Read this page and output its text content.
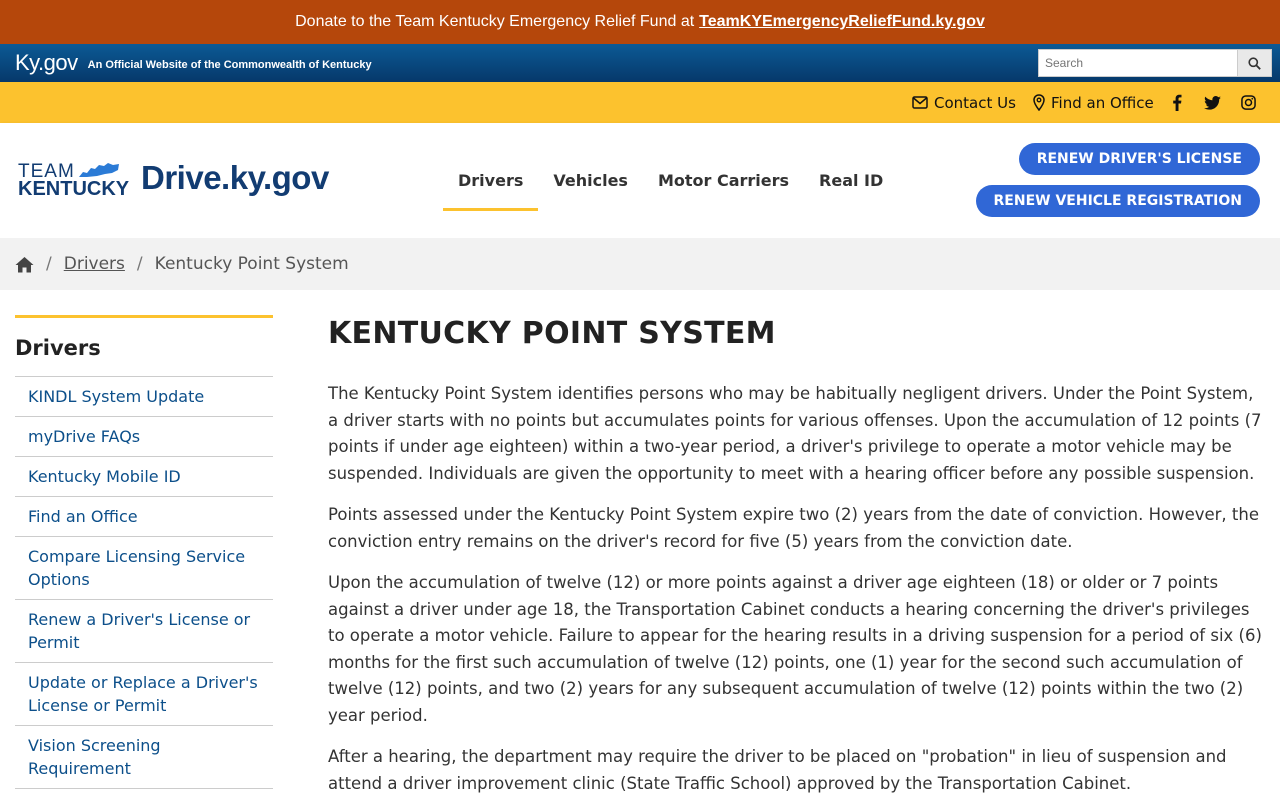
Donate to the Team Kentucky Emergency Relief Fund at TeamKYEmergencyReliefFund.ky.gov
Ky.gov An Official Website of the Commonwealth of Kentucky
Search
Contact Us Find an Office
TEAM
KENTUCKY Drive.ky.gov	Drivers	Vehicles	Motor Carriers	Real ID
RENEW DRIVER'S LICENSE
RENEW VEHICLE REGISTRATION
/ Drivers / Kentucky Point System
Drivers
KINDL System Update
myDrive FAQs
Kentucky Mobile ID
Find an Office
Compare Licensing Service Options
Renew a Driver's License or Permit
Update or Replace a Driver's License or Permit
Vision Screening Requirement
KENTUCKY POINT SYSTEM

The Kentucky Point System identifies persons who may be habitually negligent drivers. Under the Point System, a driver starts with no points but accumulates points for various offenses. Upon the accumulation of 12 points (7 points if under age eighteen) within a two-year period, a driver's privilege to operate a motor vehicle may be suspended. Individuals are given the opportunity to meet with a hearing officer before any possible suspension.

Points assessed under the Kentucky Point System expire two (2) years from the date of conviction. However, the conviction entry remains on the driver's record for five (5) years from the conviction date.

Upon the accumulation of twelve (12) or more points against a driver age eighteen (18) or older or 7 points against a driver under age 18, the Transportation Cabinet conducts a hearing concerning the driver's privileges to operate a motor vehicle. Failure to appear for the hearing results in a driving suspension for a period of six (6) months for the first such accumulation of twelve (12) points, one (1) year for the second such accumulation of twelve (12) points, and two (2) years for any subsequent accumulation of twelve (12) points within the two (2) year period.

After a hearing, the department may require the driver to be placed on "probation" in lieu of suspension and attend a driver improvement clinic (State Traffic School) approved by the Transportation Cabinet.
